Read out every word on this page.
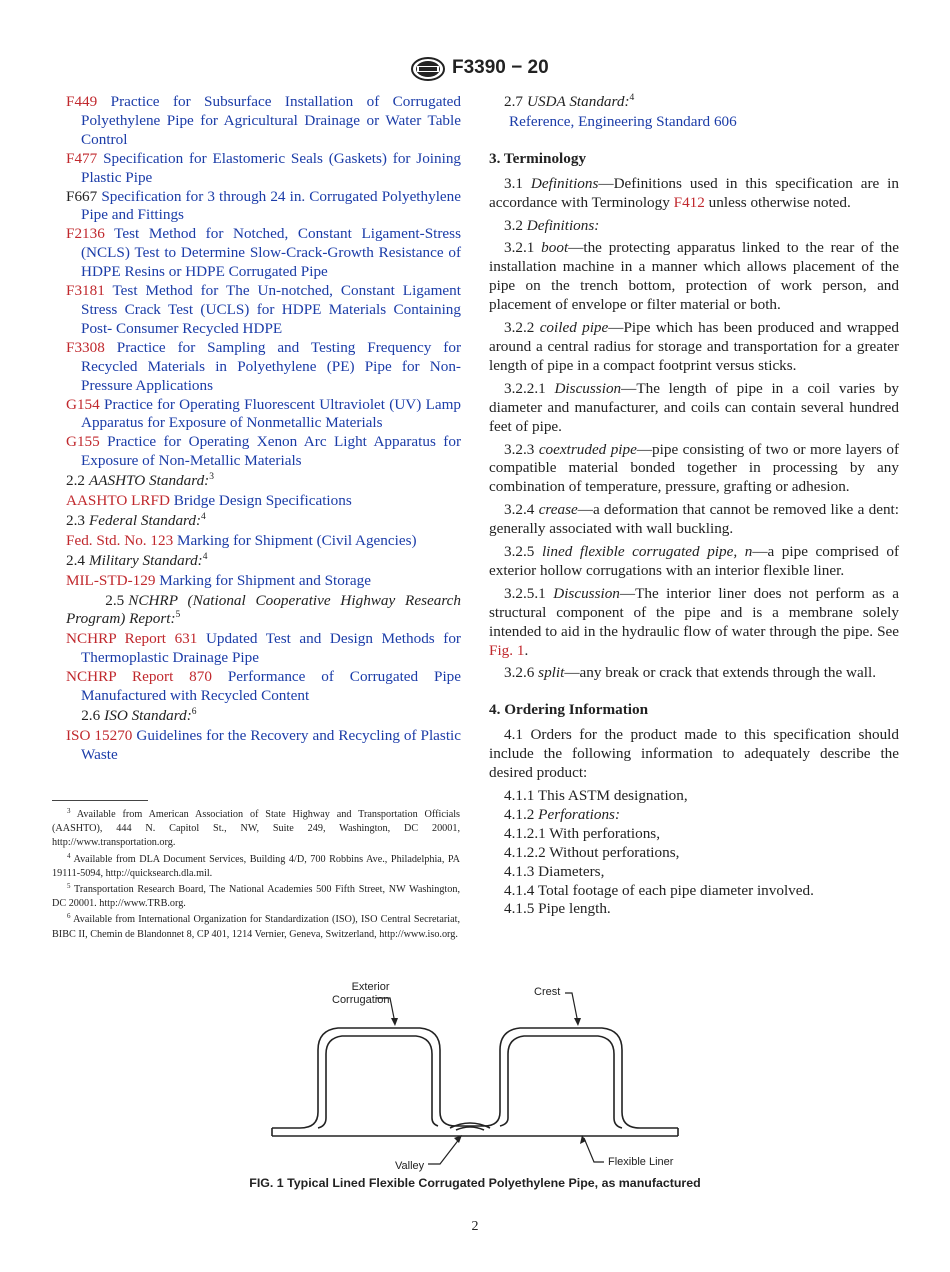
F3390 − 20

F449 Practice for Subsurface Installation of Corrugated Polyethylene Pipe for Agricultural Drainage or Water Table Control

F477 Specification for Elastomeric Seals (Gaskets) for Joining Plastic Pipe

F667 Specification for 3 through 24 in. Corrugated Polyethylene Pipe and Fittings

F2136 Test Method for Notched, Constant Ligament-Stress (NCLS) Test to Determine Slow-Crack-Growth Resistance of HDPE Resins or HDPE Corrugated Pipe

F3181 Test Method for The Un-notched, Constant Ligament Stress Crack Test (UCLS) for HDPE Materials Containing Post- Consumer Recycled HDPE

F3308 Practice for Sampling and Testing Frequency for Recycled Materials in Polyethylene (PE) Pipe for Non-Pressure Applications

G154 Practice for Operating Fluorescent Ultraviolet (UV) Lamp Apparatus for Exposure of Nonmetallic Materials

G155 Practice for Operating Xenon Arc Light Apparatus for Exposure of Non-Metallic Materials

2.2 AASHTO Standard:$^3$

AASHTO LRFD Bridge Design Specifications

2.3 Federal Standard:$^4$

Fed. Std. No. 123 Marking for Shipment (Civil Agencies)

2.4 Military Standard:$^4$

MIL-STD-129 Marking for Shipment and Storage

2.5 NCHRP (National Cooperative Highway Research Program) Report:$^5$

NCHRP Report 631 Updated Test and Design Methods for Thermoplastic Drainage Pipe

NCHRP Report 870 Performance of Corrugated Pipe Manufactured with Recycled Content

2.6 ISO Standard:$^6$

ISO 15270 Guidelines for the Recovery and Recycling of Plastic Waste

2.7 USDA Standard:$^4$

Reference, Engineering Standard 606

3. Terminology

3.1 Definitions—Definitions used in this specification are in accordance with Terminology F412 unless otherwise noted.

3.2 Definitions:

3.2.1 boot—the protecting apparatus linked to the rear of the installation machine in a manner which allows placement of the pipe on the trench bottom, protection of work person, and placement of envelope or filter material or both.

3.2.2 coiled pipe—Pipe which has been produced and wrapped around a central radius for storage and transportation for a greater length of pipe in a compact footprint versus sticks.

3.2.2.1 Discussion—The length of pipe in a coil varies by diameter and manufacturer, and coils can contain several hundred feet of pipe.

3.2.3 coextruded pipe—pipe consisting of two or more layers of compatible material bonded together in processing by any combination of temperature, pressure, grafting or adhesion.

3.2.4 crease—a deformation that cannot be removed like a dent: generally associated with wall buckling.

3.2.5 lined flexible corrugated pipe, n—a pipe comprised of exterior hollow corrugations with an interior flexible liner.

3.2.5.1 Discussion—The interior liner does not perform as a structural component of the pipe and is a membrane solely intended to aid in the hydraulic flow of water through the pipe. See Fig. 1.

3.2.6 split—any break or crack that extends through the wall.

4. Ordering Information

4.1 Orders for the product made to this specification should include the following information to adequately describe the desired product:

4.1.1 This ASTM designation,

4.1.2 Perforations:

4.1.2.1 With perforations,

4.1.2.2 Without perforations,

4.1.3 Diameters,

4.1.4 Total footage of each pipe diameter involved.

4.1.5 Pipe length.

$^3$ Available from American Association of State Highway and Transportation Officials (AASHTO), 444 N. Capitol St., NW, Suite 249, Washington, DC 20001, http://www.transportation.org.

$^4$ Available from DLA Document Services, Building 4/D, 700 Robbins Ave., Philadelphia, PA 19111-5094, http://quicksearch.dla.mil.

$^5$ Transportation Research Board, The National Academies 500 Fifth Street, NW Washington, DC 20001. http://www.TRB.org.

$^6$ Available from International Organization for Standardization (ISO), ISO Central Secretariat, BIBC II, Chemin de Blandonnet 8, CP 401, 1214 Vernier, Geneva, Switzerland, http://www.iso.org.

Exterior
Corrugation
Crest
Valley	Flexible Liner
FIG. 1 Typical Lined Flexible Corrugated Polyethylene Pipe, as manufactured
2
